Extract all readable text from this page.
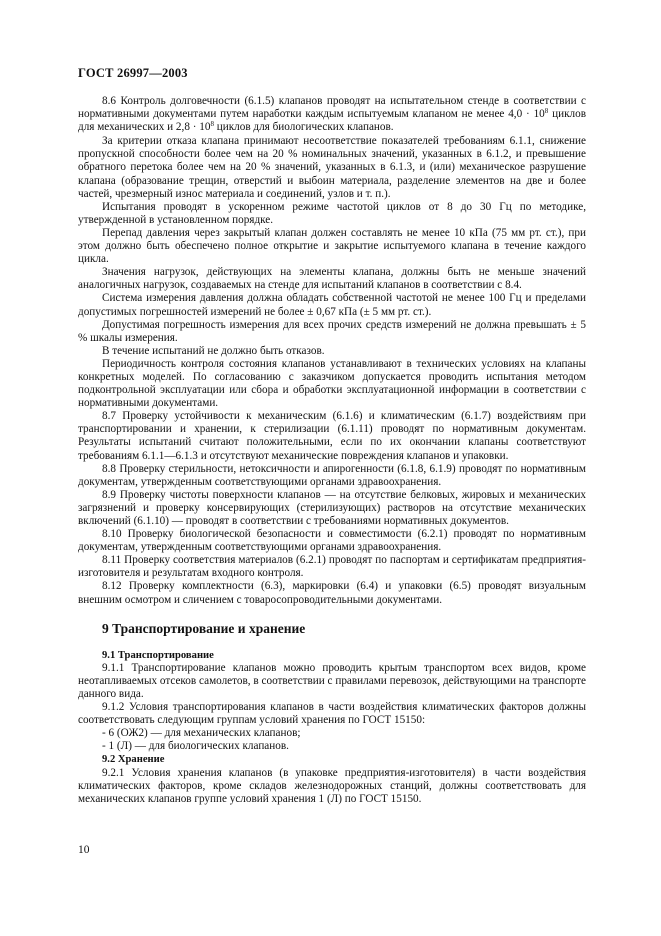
ГОСТ 26997—2003

8.6 Контроль долговечности (6.1.5) клапанов проводят на испытательном стенде в соответствии с нормативными документами путем наработки каждым испытуемым клапаном не менее $4,0 \cdot 10^8$ циклов для механических и $2,8 \cdot 10^8$ циклов для биологических клапанов.

За критерии отказа клапана принимают несоответствие показателей требованиям 6.1.1, снижение пропускной способности более чем на 20 % номинальных значений, указанных в 6.1.2, и превышение обратного перетока более чем на 20 % значений, указанных в 6.1.3, и (или) механическое разрушение клапана (образование трещин, отверстий и выбоин материала, разделение элементов на две и более частей, чрезмерный износ материала и соединений, узлов и т. п.).

Испытания проводят в ускоренном режиме частотой циклов от 8 до 30 Гц по методике, утвержденной в установленном порядке.

Перепад давления через закрытый клапан должен составлять не менее 10 кПа (75 мм рт. ст.), при этом должно быть обеспечено полное открытие и закрытие испытуемого клапана в течение каждого цикла.

Значения нагрузок, действующих на элементы клапана, должны быть не меньше значений аналогичных нагрузок, создаваемых на стенде для испытаний клапанов в соответствии с 8.4.

Система измерения давления должна обладать собственной частотой не менее 100 Гц и пределами допустимых погрешностей измерений не более ± 0,67 кПа (± 5 мм рт. ст.).

Допустимая погрешность измерения для всех прочих средств измерений не должна превышать ± 5 % шкалы измерения.

В течение испытаний не должно быть отказов.

Периодичность контроля состояния клапанов устанавливают в технических условиях на клапаны конкретных моделей. По согласованию с заказчиком допускается проводить испытания методом подконтрольной эксплуатации или сбора и обработки эксплуатационной информации в соответствии с нормативными документами.

8.7 Проверку устойчивости к механическим (6.1.6) и климатическим (6.1.7) воздействиям при транспортировании и хранении, к стерилизации (6.1.11) проводят по нормативным документам. Результаты испытаний считают положительными, если по их окончании клапаны соответствуют требованиям 6.1.1—6.1.3 и отсутствуют механические повреждения клапанов и упаковки.

8.8 Проверку стерильности, нетоксичности и апирогенности (6.1.8, 6.1.9) проводят по нормативным документам, утвержденным соответствующими органами здравоохранения.

8.9 Проверку чистоты поверхности клапанов — на отсутствие белковых, жировых и механических загрязнений и проверку консервирующих (стерилизующих) растворов на отсутствие механических включений (6.1.10) — проводят в соответствии с требованиями нормативных документов.

8.10 Проверку биологической безопасности и совместимости (6.2.1) проводят по нормативным документам, утвержденным соответствующими органами здравоохранения.

8.11 Проверку соответствия материалов (6.2.1) проводят по паспортам и сертификатам предприятия-изготовителя и результатам входного контроля.

8.12 Проверку комплектности (6.3), маркировки (6.4) и упаковки (6.5) проводят визуальным внешним осмотром и сличением с товаросопроводительными документами.

9 Транспортирование и хранение
9.1 Транспортирование

9.1.1 Транспортирование клапанов можно проводить крытым транспортом всех видов, кроме неотапливаемых отсеков самолетов, в соответствии с правилами перевозок, действующими на транспорте данного вида.

9.1.2 Условия транспортирования клапанов в части воздействия климатических факторов должны соответствовать следующим группам условий хранения по ГОСТ 15150:

- 6 (ОЖ2) — для механических клапанов;

- 1 (Л) — для биологических клапанов.

9.2 Хранение

9.2.1 Условия хранения клапанов (в упаковке предприятия-изготовителя) в части воздействия климатических факторов, кроме складов железнодорожных станций, должны соответствовать для механических клапанов группе условий хранения 1 (Л) по ГОСТ 15150.

10
